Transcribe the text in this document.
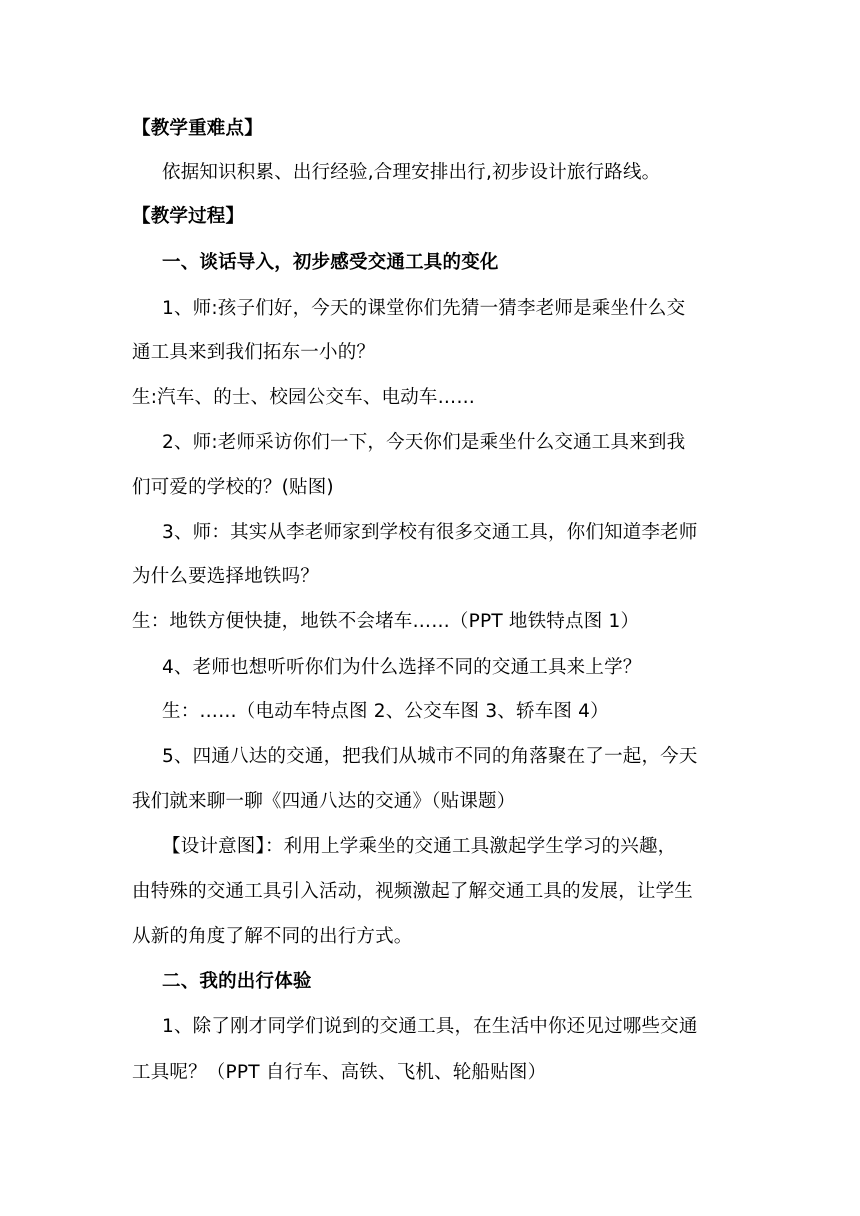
【教学重难点】
依据知识积累、出行经验,合理安排出行,初步设计旅行路线。
【教学过程】
一、谈话导入，初步感受交通工具的变化
1、师:孩子们好，今天的课堂你们先猜一猜李老师是乘坐什么交
通工具来到我们拓东一小的？
生:汽车、的士、校园公交车、电动车……
2、师:老师采访你们一下，今天你们是乘坐什么交通工具来到我
们可爱的学校的？(贴图)
3、师：其实从李老师家到学校有很多交通工具，你们知道李老师
为什么要选择地铁吗？
生：地铁方便快捷，地铁不会堵车……（PPT 地铁特点图 1）
4、老师也想听听你们为什么选择不同的交通工具来上学？
生：……（电动车特点图 2、公交车图 3、轿车图 4）
5、四通八达的交通，把我们从城市不同的角落聚在了一起，今天
我们就来聊一聊《四通八达的交通》（贴课题）
【设计意图】：利用上学乘坐的交通工具激起学生学习的兴趣，
由特殊的交通工具引入活动，视频激起了解交通工具的发展，让学生
从新的角度了解不同的出行方式。
二、我的出行体验
1、除了刚才同学们说到的交通工具，在生活中你还见过哪些交通
工具呢？（PPT 自行车、高铁、飞机、轮船贴图）
